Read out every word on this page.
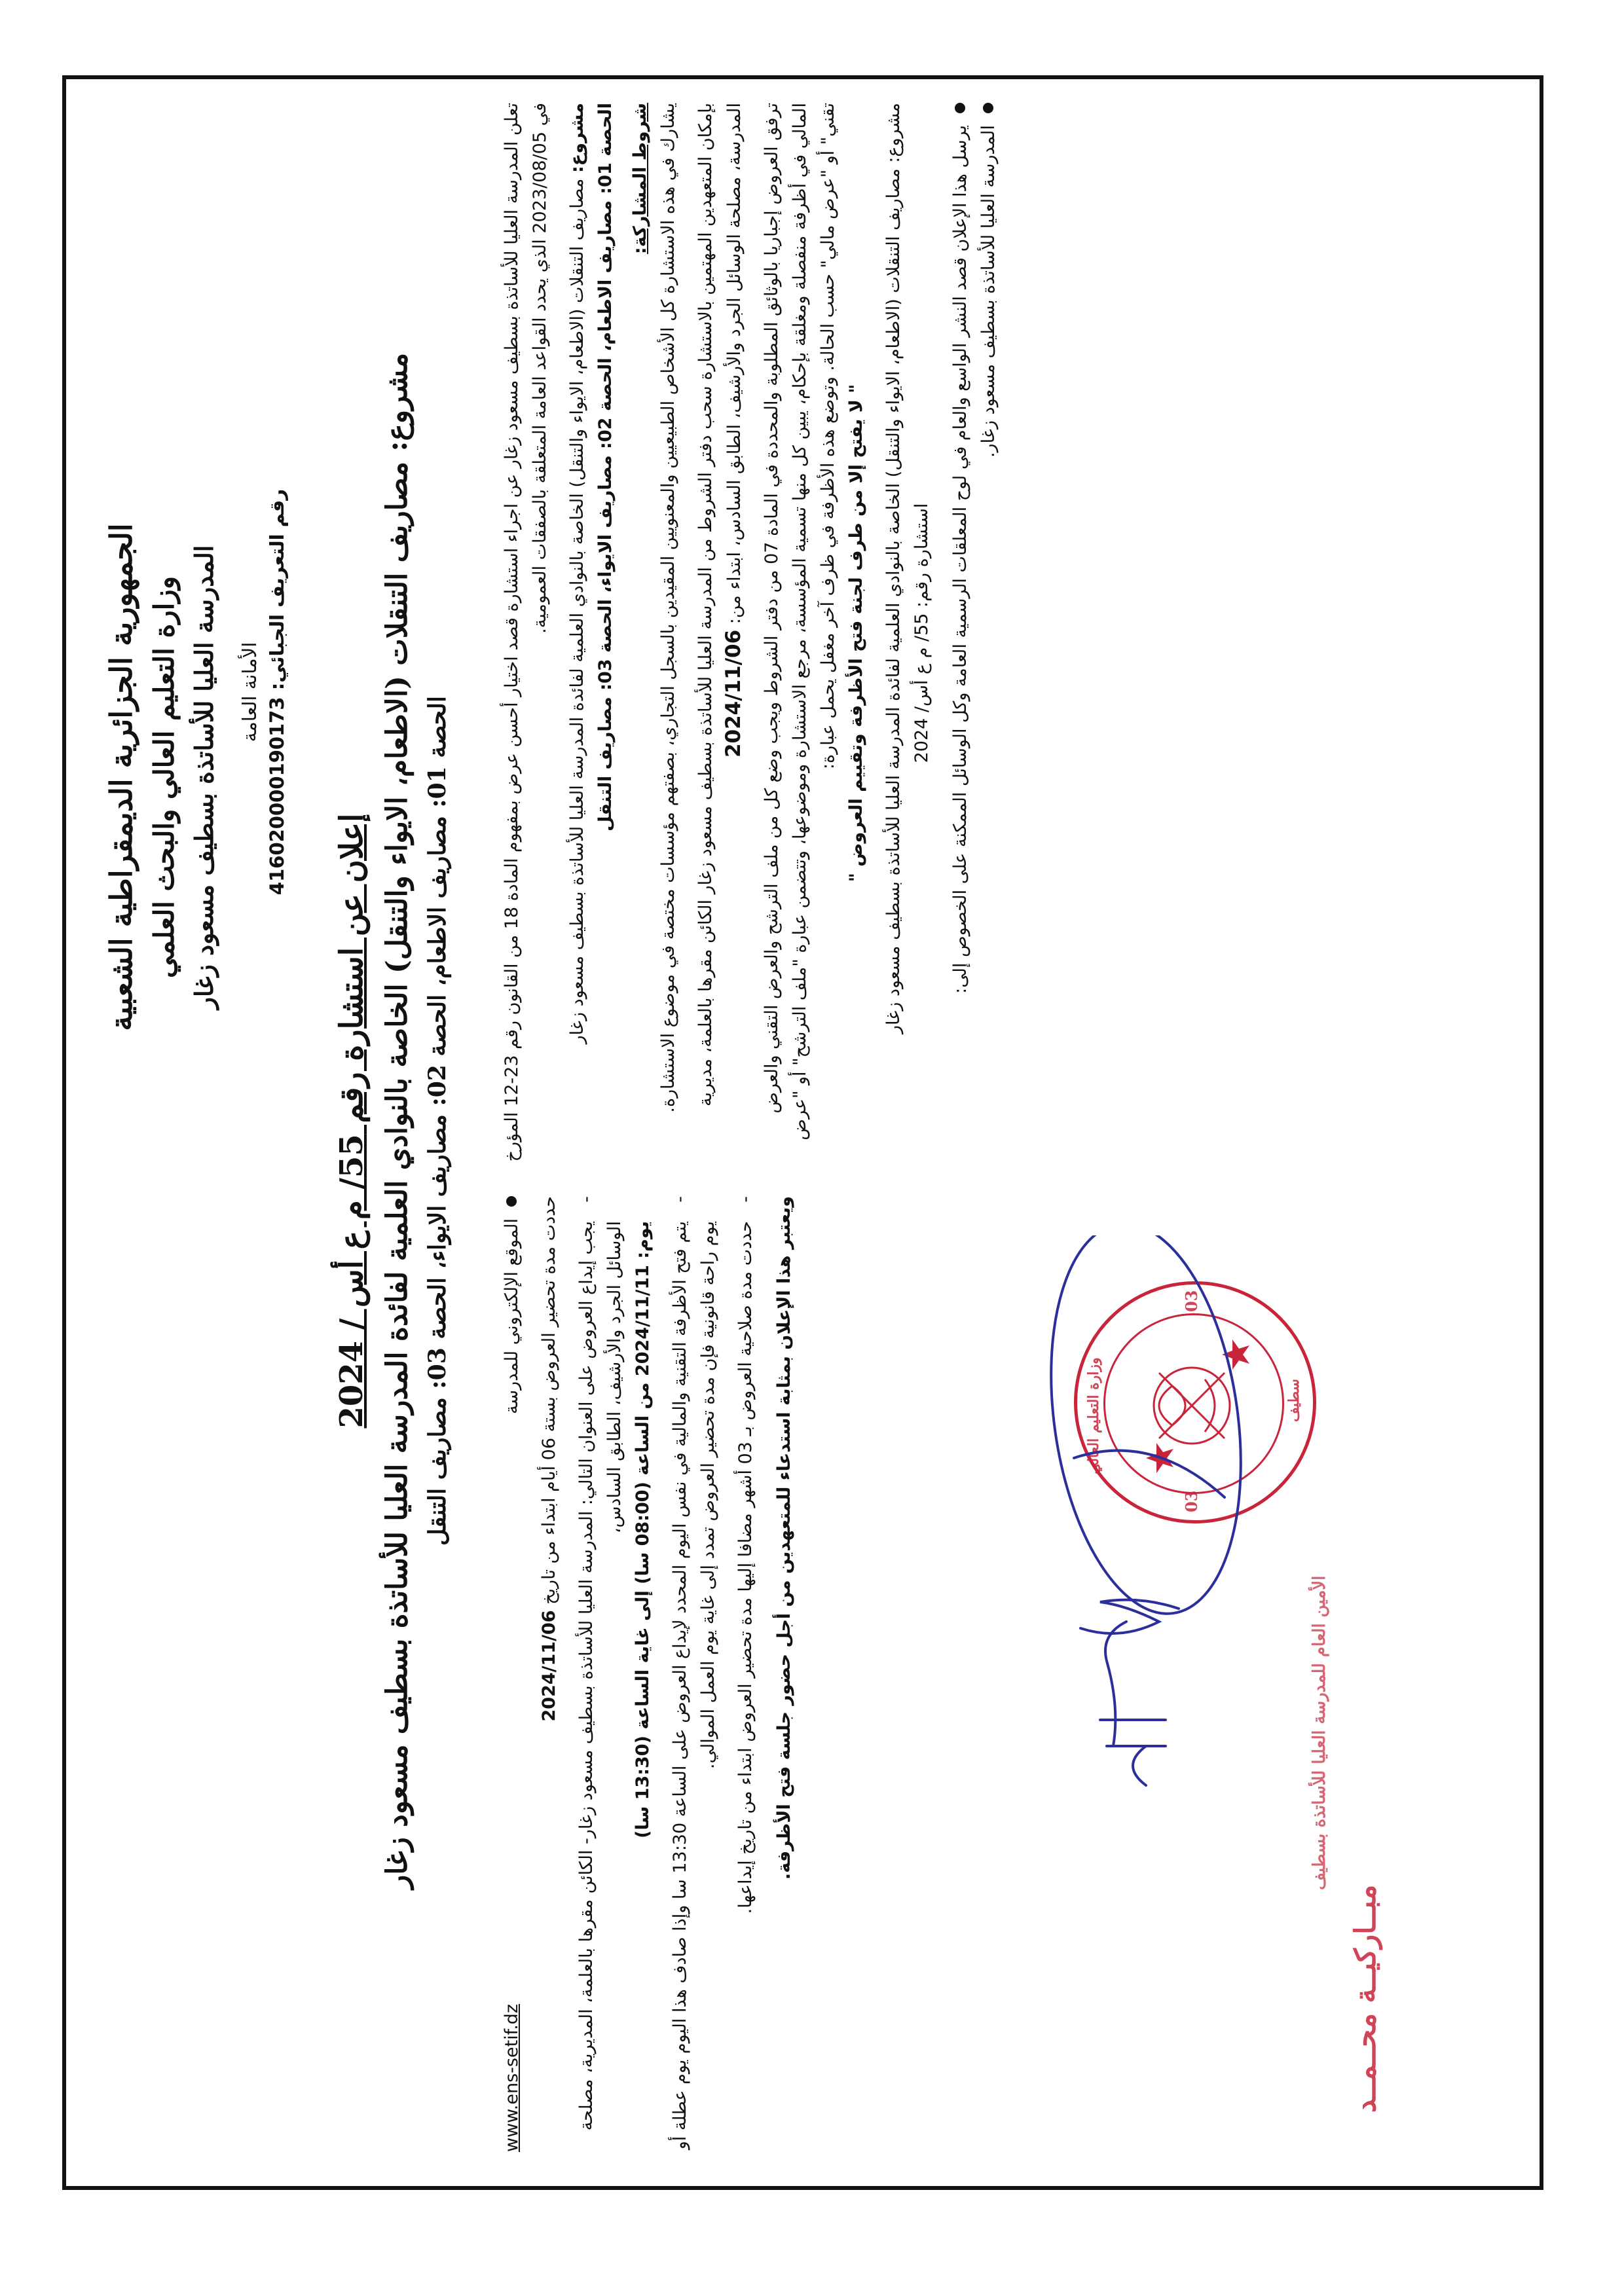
الجمهورية الجزائرية الديمقراطية الشعبية وزارة التعليم العالي والبحث العلمي المدرسة العليا للأساتذة بسطيف مسعود زغار الأمانة العامة
رقم التعريف الجبائي: 416020000190173
إعلان عن استشارة رقم 55/ م ع أس / 2024 مشروع: مصاريف التنقلات (الاطعام، الايواء والتنقل) الخاصة بالنوادي العلمية لفائدة المدرسة العليا للأساتذة بسطيف مسعود زغار الحصة 01: مصاريف الاطعام، الحصة 02: مصاريف الايواء، الحصة 03: مصاريف التنقل
تعلن المدرسة العليا للأساتذة بسطيف مسعود زغار عن اجراء استشارة قصد اختيار أحسن عرض بمفهوم المادة 18 من القانون رقم 23-12 المؤرخ في 2023/08/05 الذي يحدد القواعد العامة المتعلقة بالصفقات العمومية. مشروع: مصاريف التنقلات (الاطعام، الايواء والتنقل) الخاصة بالنوادي العلمية لفائدة المدرسة العليا للأساتذة بسطيف مسعود زغار الحصة 01: مصاريف الاطعام، الحصة 02: مصاريف الايواء، الحصة 03: مصاريف التنقل شروط المشاركة: يشارك في هذه الاستشارة كل الأشخاص الطبيعيين والمعنويين المقيدين بالسجل التجاري، بصفتهم مؤسسات مختصة في موضوع الاستشارة. بإمكان المتعهدين المهتمين بالاستشارة سحب دفتر الشروط من المدرسة العليا للأساتذة بسطيف مسعود زغار الكائن مقرها بالعلمة، مديرية المدرسة، مصلحة الوسائل الجرد والأرشيف، الطابق السادس، ابتداء من: 2024/11/06 ترفق العروض إجباريا بالوثائق المطلوبة والمحددة في المادة 07 من دفتر الشروط ويجب وضع كل من ملف الترشح والعرض التقني والعرض المالي في أظرفة منفصلة ومغلقة بإحكام، يبين كل منها تسمية المؤسسة، مرجع الاستشارة وموضوعها، وتتضمن عبارة "ملف الترشح" أو "عرض تقني" أو "عرض مالي" حسب الحالة. وتوضع هذه الأظرفة في ظرف آخر مغفل يحمل عبارة: " لا يفتح إلا من طرف لجنة فتح الأظرفة وتقييم العروض " مشروع: مصاريف التنقلات (الاطعام، الايواء والتنقل) الخاصة بالنوادي العلمية لفائدة المدرسة العليا للأساتذة بسطيف مسعود زغار استشارة رقم: 55/ م ع أس/ 2024 يرسل هذا الإعلان قصد النشر الواسع والعام في لوح المعلقات الرسمية العامة وكل الوسائل الممكنة على الخصوص إلى: المدرسة العليا للأساتذة بسطيف مسعود زغار.
الموقع الإلكتروني للمدرسة
www.ens-setif.dz
حددت مدة تحضير العروض بستة 06 أيام ابتداء من تاريخ 2024/11/06
-
يجب إيداع العروض على العنوان التالي: المدرسة العليا للأساتذة بسطيف مسعود زغار- الكائن مقرها بالعلمة، المديرية، مصلحة الوسائل الجرد والأرشيف، الطابق السادس،
يوم: 2024/11/11 من الساعة (08:00 سا) إلى غاية الساعة (13:30 سا)
-
يتم فتح الأظرفة التقنية والمالية في نفس اليوم المحدد لإيداع العروض على الساعة 13:30 سا وإذا صادف هذا اليوم يوم عطلة أو يوم راحة قانونية فإن مدة تحضير العروض تمدد إلى غاية يوم العمل الموالي.
-
حددت مدة صلاحية العروض بـ 03 أشهر مضافا إليها مدة تحضير العروض ابتداء من تاريخ إيداعها. ويعتبر هذا الإعلان بمثابة استدعاء للمتعهدين من أجل حضور جلسة فتح الأظرفة.	وزارة التعليم العالي	سطيف
03
03
مبــاركيــة محــمــد
الأمين العام للمدرسة العليا للأساتذة بسطيف
